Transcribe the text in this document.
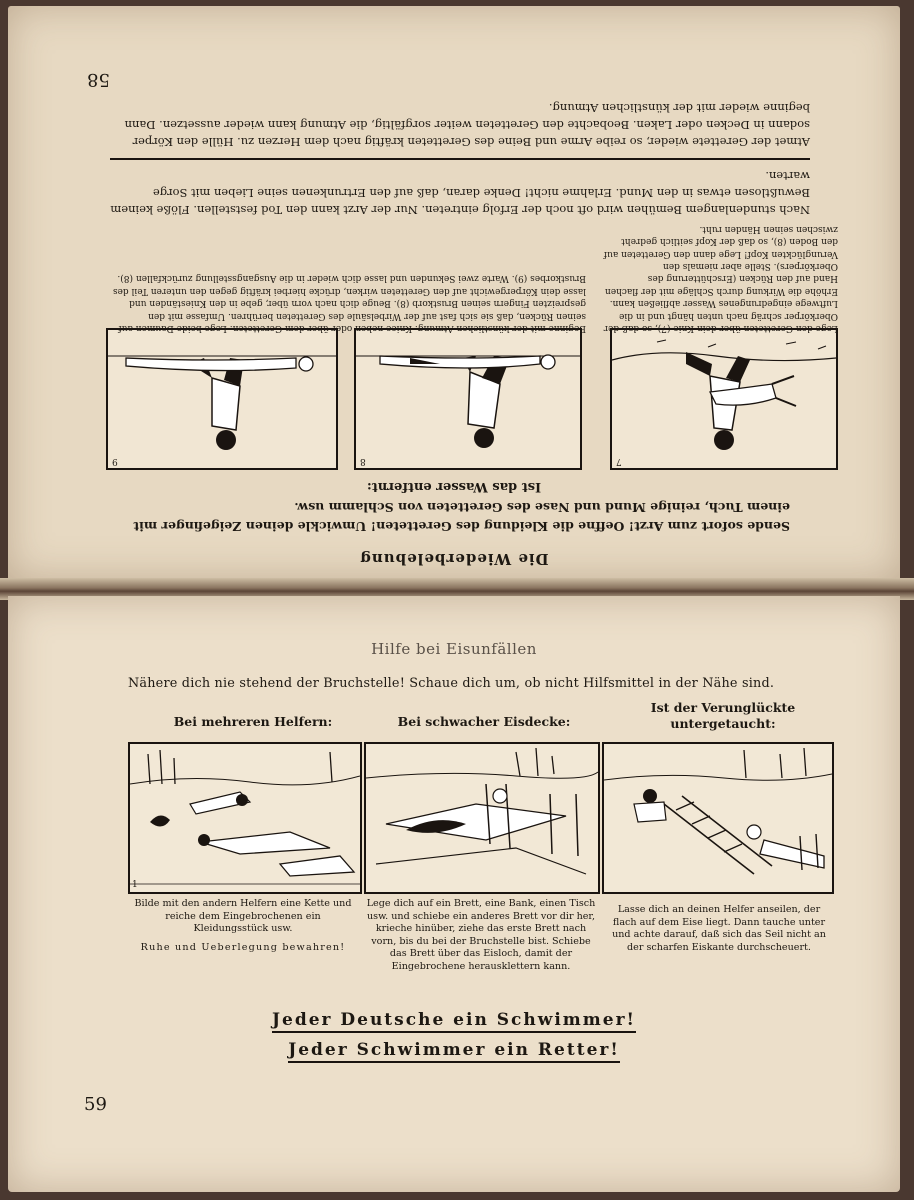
Die Wiederbelebung
Sende sofort zum Arzt! Oeffne die Kleidung des Geretteten! Umwickle deinen Zeigefinger mit einem Tuch, reinige Mund und Nase des Geretteten von Schlamm usw.
Ist das Wasser entfernt:
7
8
9
Lege den Geretteten über dein Knie (7), so daß der Oberkörper schräg nach unten hängt und in die Luftwege eingedrungenes Wasser abfließen kann. Erhöhe die Wirkung durch Schläge mit der flachen Hand auf den Rücken (Erschütterung des Oberkörpers). Stelle aber niemals den Verunglückten Kopf! Lege dann den Geretteten auf den Boden (8), so daß der Kopf seitlich gedreht zwischen seinen Händen ruht.
Beginne mit der künstlichen Atmung. Kniee neben oder über dem Geretteten. Lege beide Daumen auf seinen Rücken, daß sie sich fast auf der Wirbelsäule des Geretteten berühren. Umfasse mit den gespreizten Fingern seinen Brustkorb (8). Beuge dich nach vorn über, gebe in den Knieständen und lasse dein Körpergewicht auf den Geretteten wirken, drücke hierbei kräftig gegen den unteren Teil des Brustkorbes (9). Warte zwei Sekunden und lasse dich wieder in die Ausgangsstellung zurückfallen (8).
Nach stundenlangem Bemühen wird oft noch der Erfolg eintreten. Nur der Arzt kann den Tod feststellen. Flöße keinem Bewußtlosen etwas in den Mund. Erlahme nicht! Denke daran, daß auf den Ertrunkenen seine Lieben mit Sorge warten.
Atmet der Gerettete wieder, so reibe Arme und Beine des Geretteten kräftig nach dem Herzen zu. Hülle den Körper sodann in Decken oder Laken. Beobachte den Geretteten weiter sorgfältig, die Atmung kann wieder aussetzen. Dann beginne wieder mit der künstlichen Atmung.
58
Hilfe bei Eisunfällen
Nähere dich nie stehend der Bruchstelle! Schaue dich um, ob nicht Hilfsmittel in der Nähe sind.
Bei mehreren Helfern:	Bei schwacher Eisdecke:
Ist der Verunglückte untergetaucht:
1
Bilde mit den andern Helfern eine Kette und reiche dem Eingebrochenen ein Kleidungsstück usw.
Ruhe und Ueberlegung bewahren!
Lege dich auf ein Brett, eine Bank, einen Tisch usw. und schiebe ein anderes Brett vor dir her, krieche hinüber, ziehe das erste Brett nach vorn, bis du bei der Bruchstelle bist. Schiebe das Brett über das Eisloch, damit der Eingebrochene herausklettern kann.
Lasse dich an deinen Helfer anseilen, der flach auf dem Eise liegt. Dann tauche unter und achte darauf, daß sich das Seil nicht an der scharfen Eiskante durchscheuert.
Jeder Deutsche ein Schwimmer!
Jeder Schwimmer ein Retter!
59
